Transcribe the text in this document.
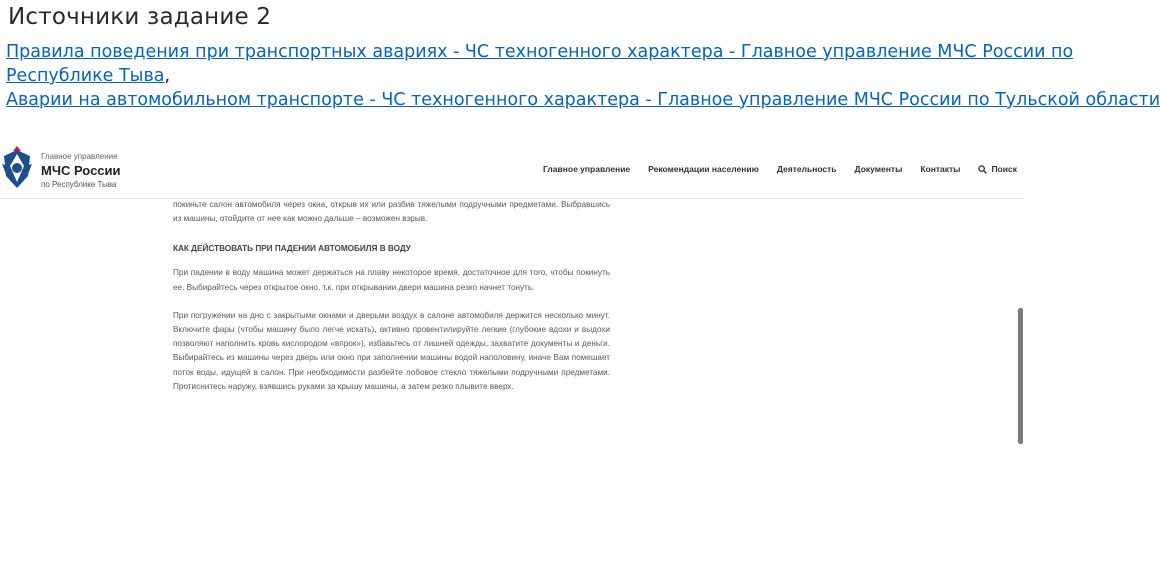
Источники задание 2
Правила поведения при транспортных авариях - ЧС техногенного характера - Главное управление МЧС России по
Республике Тыва,
Аварии на автомобильном транспорте - ЧС техногенного характера - Главное управление МЧС России по Тульской области
Главное управление
МЧС России
по Республике Тыва
Главное управление Рекомендации населению Деятельность Документы Контакты	Поиск

покиньте салон автомобиля через окна, открыв их или разбив тяжелыми подручными предметами. Выбравшись из машины, отойдите от нее как можно дальше – возможен взрыв.

КАК ДЕЙСТВОВАТЬ ПРИ ПАДЕНИИ АВТОМОБИЛЯ В ВОДУ

При падении в воду машина может держаться на плаву некоторое время, достаточное для того, чтобы покинуть ее. Выбирайтесь через открытое окно, т.к. при открывании двери машина резко начнет тонуть.

При погружении на дно с закрытыми окнами и дверьми воздух в салоне автомобиля держится несколько минут. Включите фары (чтобы машину было легче искать), активно провентилируйте легкие (глубокие вдохи и выдохи позволяют наполнить кровь кислородом «впрок»), избавьтесь от лишней одежды, захватите документы и деньги. Выбирайтесь из машины через дверь или окно при заполнении машины водой наполовину, иначе Вам помешает поток воды, идущей в салон. При необходимости разбейте лобовое стекло тяжелыми подручными предметами. Протиснитесь наружу, взявшись руками за крышу машины, а затем резко плывите вверх.
